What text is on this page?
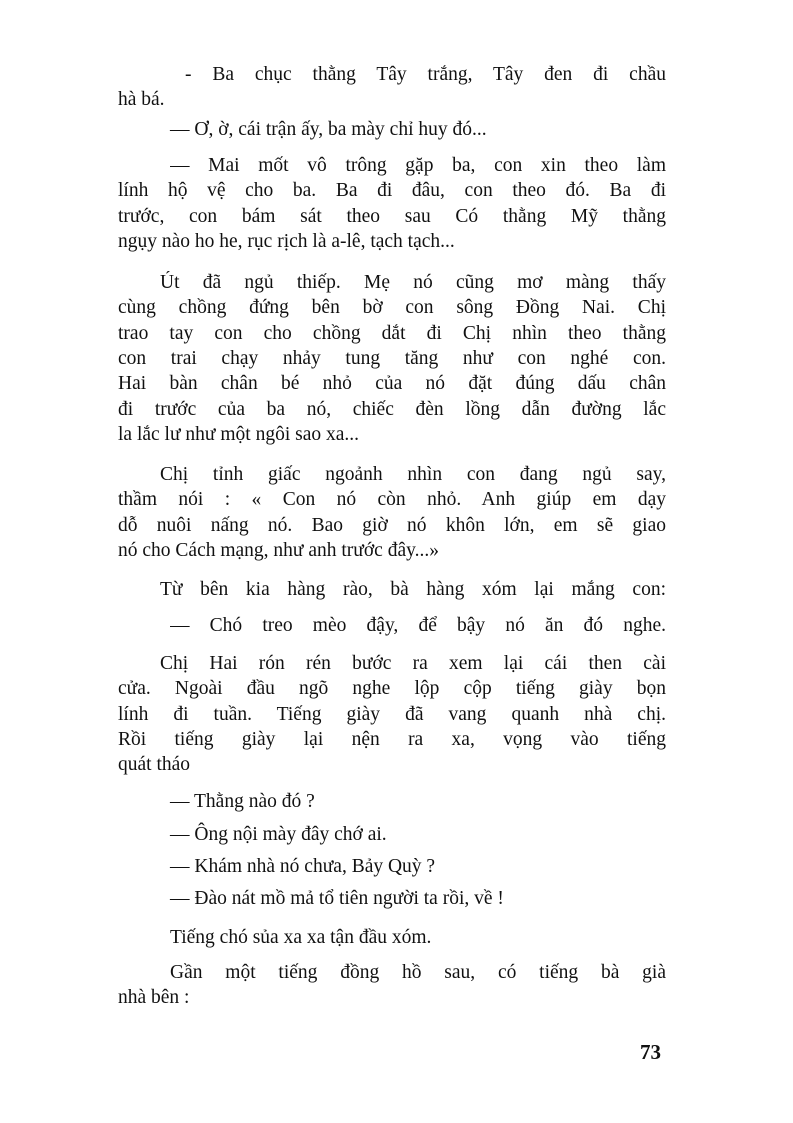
- Ba chục thằng Tây trắng, Tây đen đi chầu
hà bá.
— Ơ, ờ, cái trận ấy, ba mày chỉ huy đó...
— Mai mốt vô trông gặp ba, con xin theo làm
lính hộ vệ cho ba. Ba đi đâu, con theo đó. Ba đi
trước, con bám sát theo sau Có thằng Mỹ thằng
ngụy nào ho he, rục rịch là a-lê, tạch tạch...
Út đã ngủ thiếp. Mẹ nó cũng mơ màng thấy
cùng chồng đứng bên bờ con sông Đồng Nai. Chị
trao tay con cho chồng dắt đi Chị nhìn theo thằng
con trai chạy nhảy tung tăng như con nghé con.
Hai bàn chân bé nhỏ của nó đặt đúng dấu chân
đi trước của ba nó, chiếc đèn lồng dẫn đường lắc
la lắc lư như một ngôi sao xa...
Chị tỉnh giấc ngoảnh nhìn con đang ngủ say,
thầm nói : « Con nó còn nhỏ. Anh giúp em dạy
dỗ nuôi nấng nó. Bao giờ nó khôn lớn, em sẽ giao
nó cho Cách mạng, như anh trước đây...»
Từ bên kia hàng rào, bà hàng xóm lại mắng con:
— Chó treo mèo đậy, để bậy nó ăn đó nghe.
Chị Hai rón rén bước ra xem lại cái then cài
cửa. Ngoài đầu ngõ nghe lộp cộp tiếng giày bọn
lính đi tuần. Tiếng giày đã vang quanh nhà chị.
Rồi tiếng giày lại nện ra xa, vọng vào tiếng
quát tháo
— Thằng nào đó ?
— Ông nội mày đây chớ ai.
— Khám nhà nó chưa, Bảy Quỳ ?
— Đào nát mồ mả tổ tiên người ta rồi, về !
Tiếng chó sủa xa xa tận đầu xóm.
Gần một tiếng đồng hồ sau, có tiếng bà già
nhà bên :
73
